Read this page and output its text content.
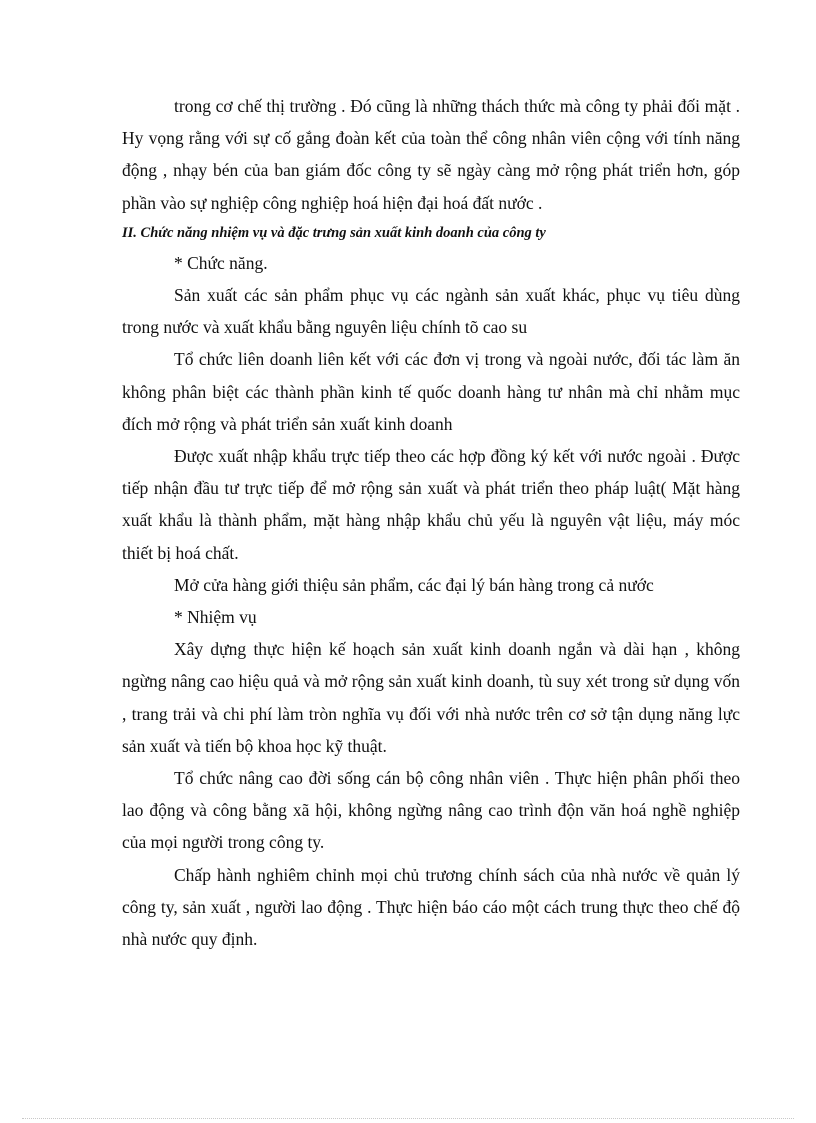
trong cơ chế thị trường . Đó cũng là những thách thức mà công ty phải đối mặt . Hy vọng rằng với sự cố gắng đoàn kết của toàn thể công nhân viên cộng với tính năng động , nhạy bén của ban giám đốc công ty sẽ ngày càng mở rộng phát triển hơn, góp phần vào sự nghiệp công nghiệp hoá hiện đại hoá đất nước .

II. Chức năng nhiệm vụ và đặc trưng sản xuất kinh doanh của công ty

* Chức năng.

Sản xuất các sản phẩm phục vụ các ngành sản xuất khác, phục vụ tiêu dùng trong nước và xuất khẩu bằng nguyên liệu chính tõ cao su

Tổ chức liên doanh liên kết với các đơn vị trong và ngoài nước, đối tác làm ăn không phân biệt các thành phần kinh tế quốc doanh hàng tư nhân mà chỉ nhằm mục đích mở rộng và phát triển sản xuất kinh doanh

Được xuất nhập khẩu trực tiếp theo các hợp đồng ký kết với nước ngoài . Được tiếp nhận đầu tư trực tiếp để mở rộng sản xuất và phát triển theo pháp luật( Mặt hàng xuất khẩu là thành phẩm, mặt hàng nhập khẩu chủ yếu là nguyên vật liệu, máy móc thiết bị hoá chất.

Mở cửa hàng giới thiệu sản phẩm, các đại lý bán hàng trong cả nước

* Nhiệm vụ

Xây dựng thực hiện kế hoạch sản xuất kinh doanh ngắn và dài hạn , không ngừng nâng cao hiệu quả và mở rộng sản xuất kinh doanh, tù suy xét trong sử dụng vốn , trang trải và chi phí làm tròn nghĩa vụ đối với nhà nước trên cơ sở tận dụng năng lực sản xuất và tiến bộ khoa học kỹ thuật.

Tổ chức nâng cao đời sống cán bộ công nhân viên . Thực hiện phân phối theo lao động và công bằng xã hội, không ngừng nâng cao trình độn văn hoá nghề nghiệp của mọi người trong công ty.

Chấp hành nghiêm chỉnh mọi chủ trương chính sách của nhà nước về quản lý công ty, sản xuất , người lao động . Thực hiện báo cáo một cách trung thực theo chế độ nhà nước quy định.
